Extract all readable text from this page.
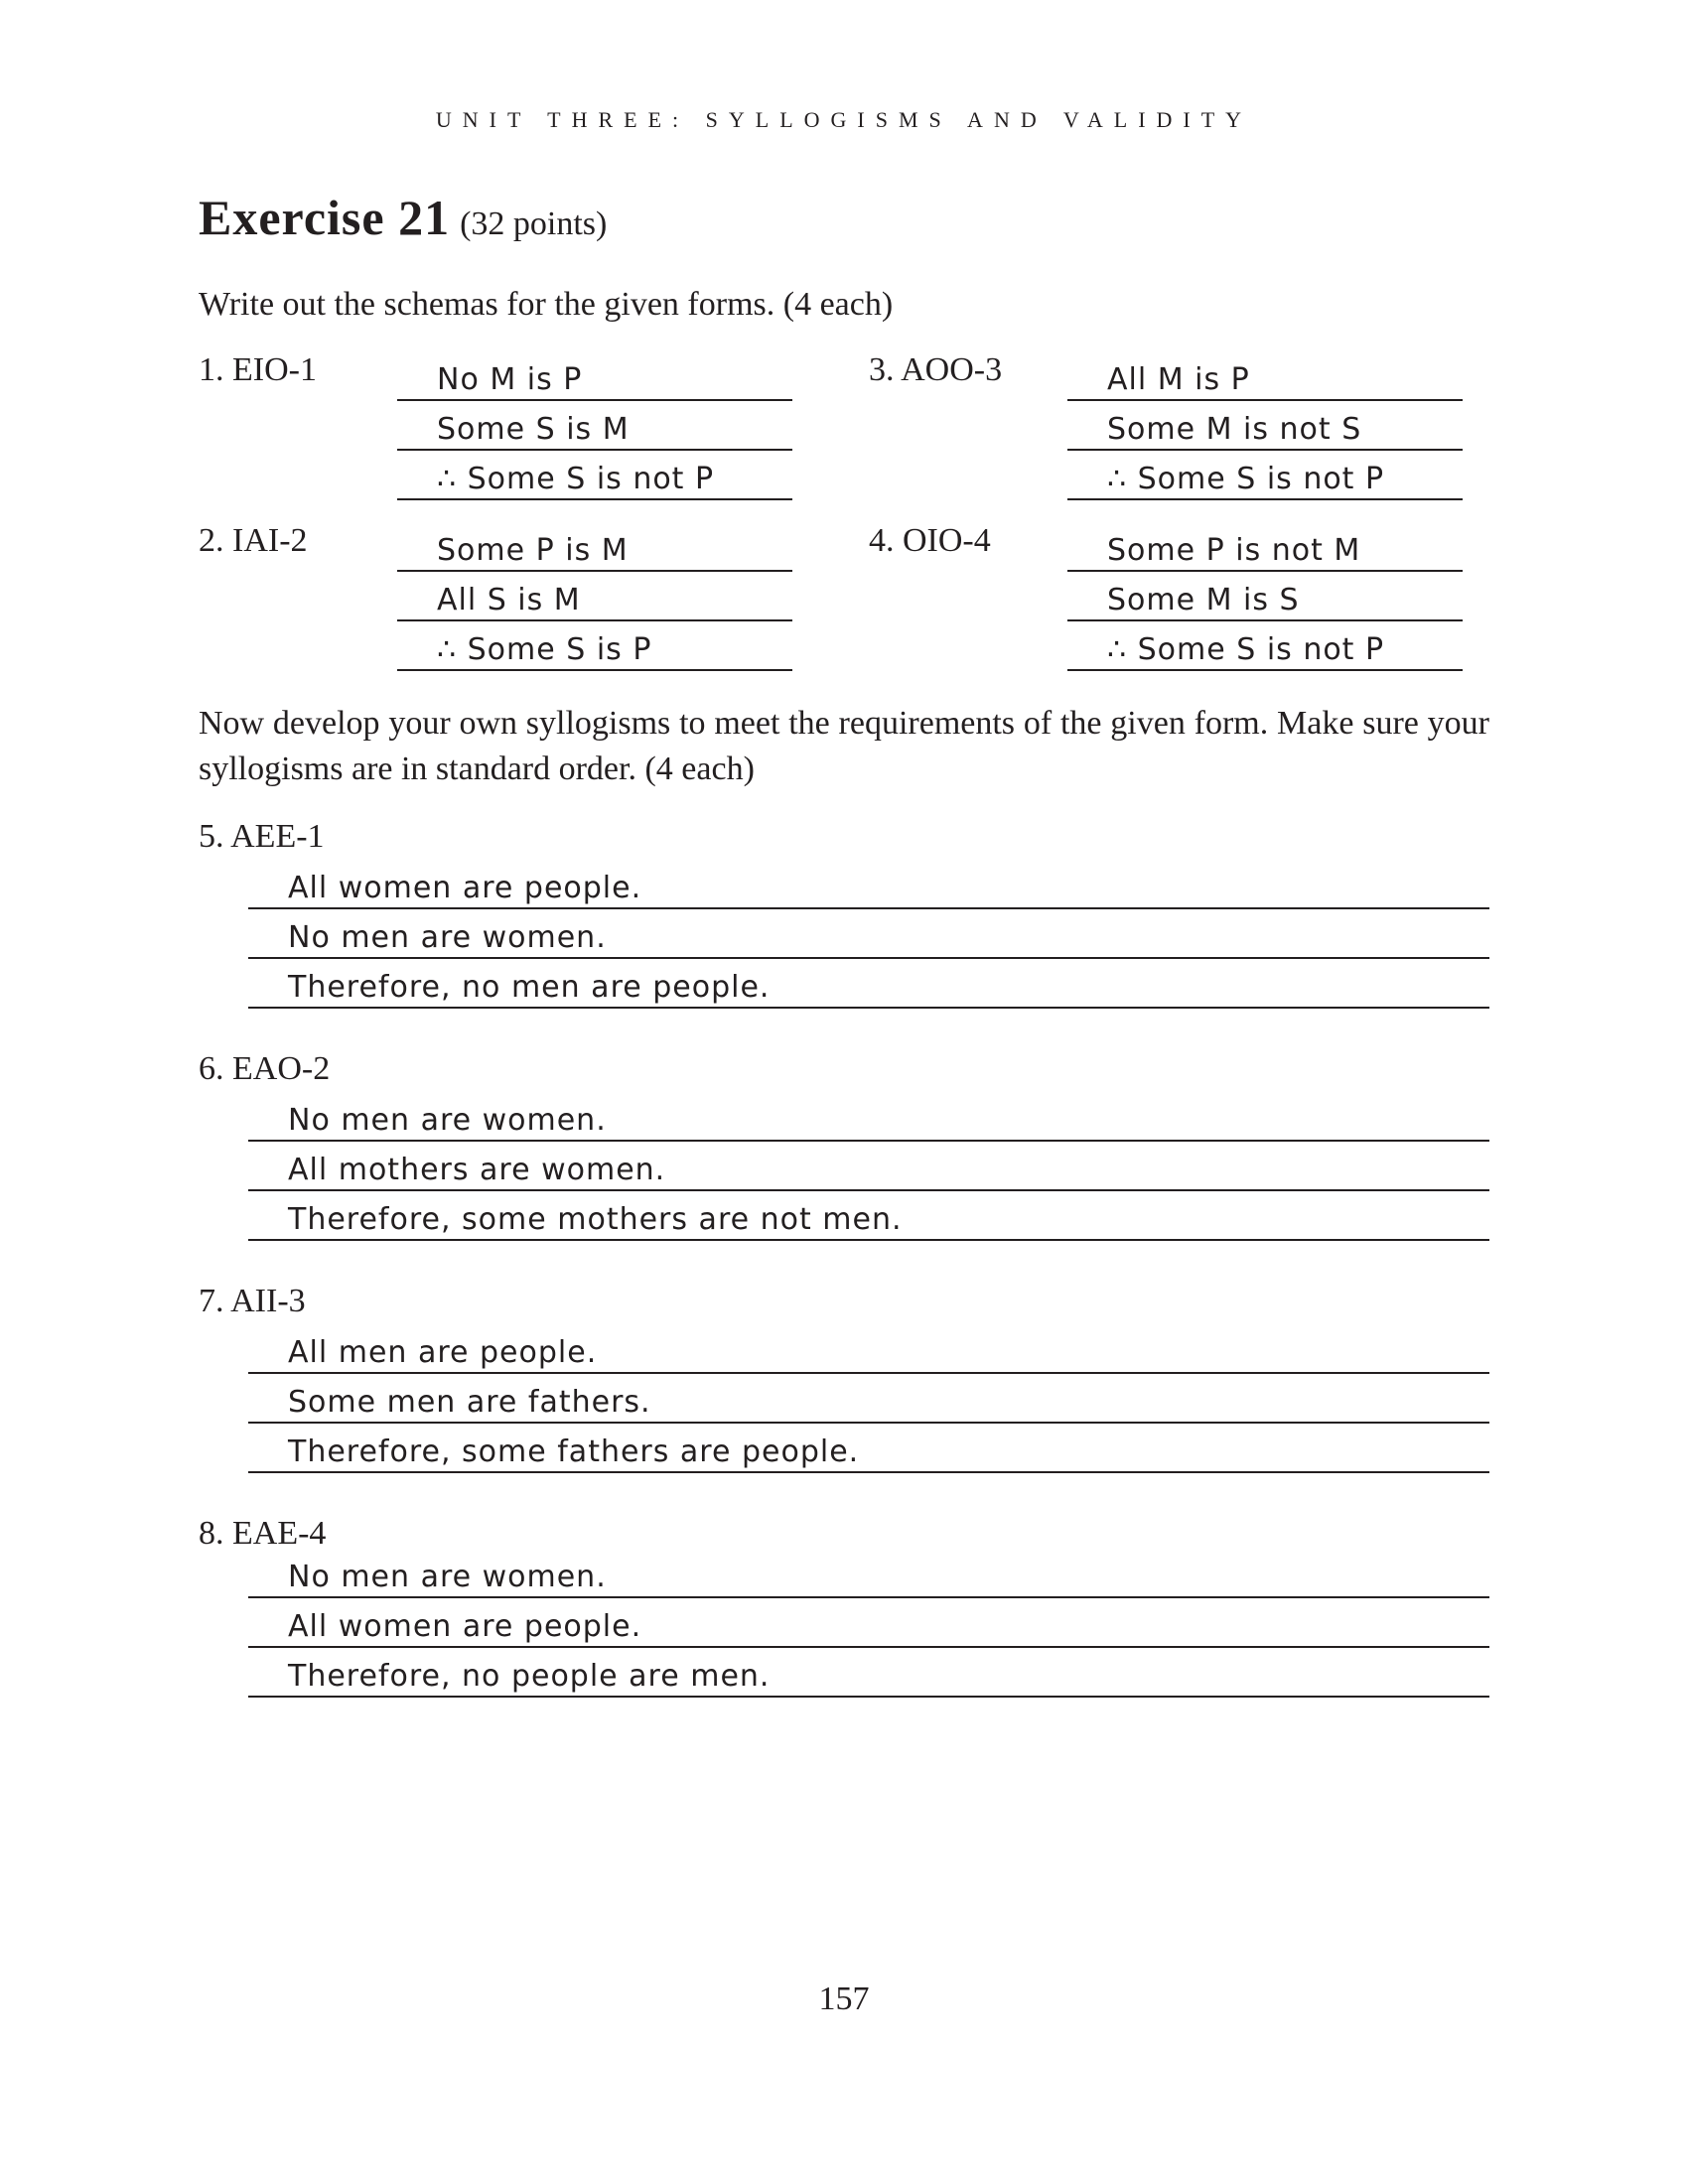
UNIT THREE: SYLLOGISMS AND VALIDITY
Exercise 21 (32 points)
Write out the schemas for the given forms. (4 each)
1. EIO-1	No M is P
Some S is M
∴ Some S is not P
2. IAI-2	Some P is M
All S is M
∴ Some S is P
3. AOO-3	All M is P
Some M is not S
∴ Some S is not P
4. OIO-4	Some P is not M
Some M is S
∴ Some S is not P
Now develop your own syllogisms to meet the requirements of the given form. Make sure your syllogisms are in standard order. (4 each)
5. AEE-1
All women are people.
No men are women.
Therefore, no men are people.
6. EAO-2
No men are women.
All mothers are women.
Therefore, some mothers are not men.
7. AII-3
All men are people.
Some men are fathers.
Therefore, some fathers are people.
8. EAE-4
No men are women.
All women are people.
Therefore, no people are men.
157
